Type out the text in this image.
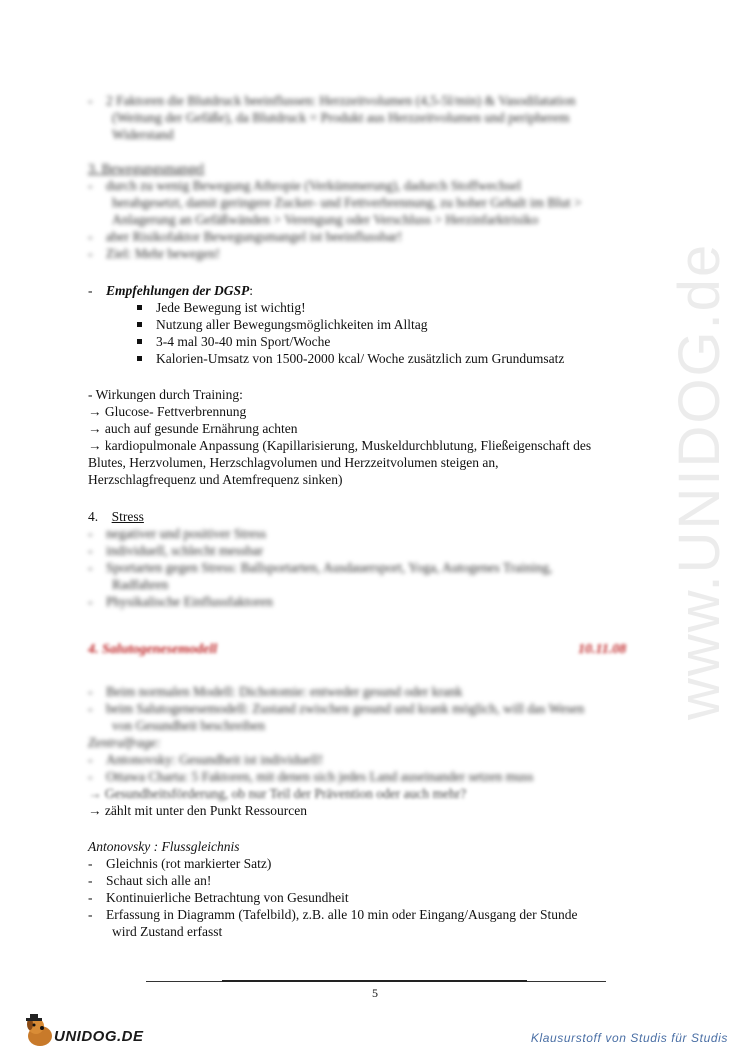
www.UNIDOG.de
-    2 Faktoren die Blutdruck beeinflussen: Herzzeitvolumen (4,5-5l/min) & Vasodilatation
(Weitung der Gefäße), da Blutdruck = Produkt aus Herzzeitvolumen und peripherem
Widerstand
3. Bewegungsmangel
-    durch zu wenig Bewegung Athropie (Verkümmerung), dadurch Stoffwechsel
herabgesetzt, damit geringere Zucker- und Fettverbrennung, zu hoher Gehalt im Blut >
Anlagerung an Gefäßwänden > Verengung oder Verschluss > Herzinfarktrisiko
-    aber Risikofaktor Bewegungsmangel ist beeinflussbar!
-    Ziel: Mehr bewegen!
- Empfehlungen der DGSP:
Jede Bewegung ist wichtig!
Nutzung aller Bewegungsmöglichkeiten im Alltag
3-4 mal 30-40 min Sport/Woche
Kalorien-Umsatz von 1500-2000 kcal/ Woche zusätzlich zum Grundumsatz
- Wirkungen durch Training:
→ Glucose- Fettverbrennung
→ auch auf gesunde Ernährung achten
→ kardiopulmonale Anpassung (Kapillarisierung, Muskeldurchblutung, Fließeigenschaft des
Blutes, Herzvolumen, Herzschlagvolumen und Herzzeitvolumen steigen an,
Herzschlagfrequenz und Atemfrequenz sinken)
4. Stress
-    negativer und positiver Stress
-    individuell, schlecht messbar
-    Sportarten gegen Stress: Ballsportarten, Ausdauersport, Yoga, Autogenes Training,
Radfahren
-    Physikalische Einflussfaktoren
4. Salutogenesemodell	10.11.08
-    Beim normalen Modell: Dichotomie: entweder gesund oder krank
-    beim Salutogenesemodell: Zustand zwischen gesund und krank möglich, will das Wesen
von Gesundheit beschreiben
Zentralfrage:
-    Antonovsky: Gesundheit ist individuell!
-    Ottawa Charta: 5 Faktoren, mit denen sich jedes Land auseinander setzen muss
→ Gesundheitsförderung, ob nur Teil der Prävention oder auch mehr?
→ zählt mit unter den Punkt Ressourcen
Antonovsky : Flussgleichnis
- Gleichnis (rot markierter Satz)
- Schaut sich alle an!
- Kontinuierliche Betrachtung von Gesundheit
- Erfassung in Diagramm (Tafelbild), z.B. alle 10 min oder Eingang/Ausgang der Stunde
wird Zustand erfasst
5
UNIDOG.DE	Klausurstoff von Studis für Studis
